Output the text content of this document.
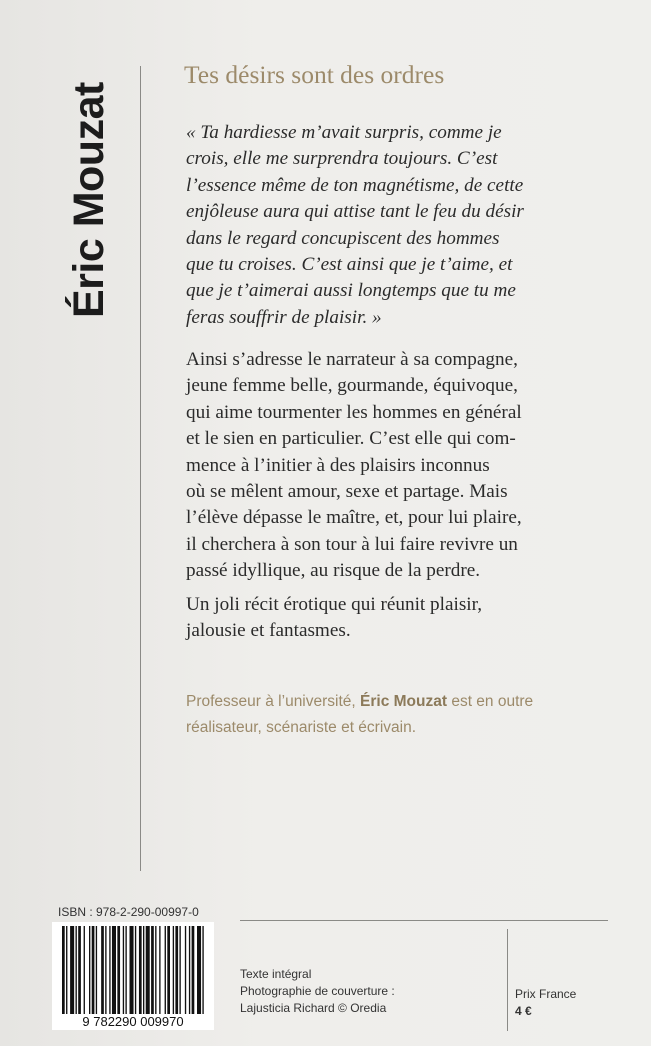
Éric Mouzat
Tes désirs sont des ordres
« Ta hardiesse m’avait surpris, comme je
crois, elle me surprendra toujours. C’est
l’essence même de ton magnétisme, de cette
enjôleuse aura qui attise tant le feu du désir
dans le regard concupiscent des hommes
que tu croises. C’est ainsi que je t’aime, et
que je t’aimerai aussi longtemps que tu me
feras souffrir de plaisir. »
Ainsi s’adresse le narrateur à sa compagne,
jeune femme belle, gourmande, équivoque,
qui aime tourmenter les hommes en général
et le sien en particulier. C’est elle qui com-
mence à l’initier à des plaisirs inconnus
où se mêlent amour, sexe et partage. Mais
l’élève dépasse le maître, et, pour lui plaire,
il cherchera à son tour à lui faire revivre un
passé idyllique, au risque de la perdre.
Un joli récit érotique qui réunit plaisir,
jalousie et fantasmes.
Professeur à l’université, Éric Mouzat est en outre
réalisateur, scénariste et écrivain.
ISBN : 978-2-290-00997-0
9 782290 009970
Texte intégral
Photographie de couverture :
Lajusticia Richard © Oredia
Prix France
4 €
